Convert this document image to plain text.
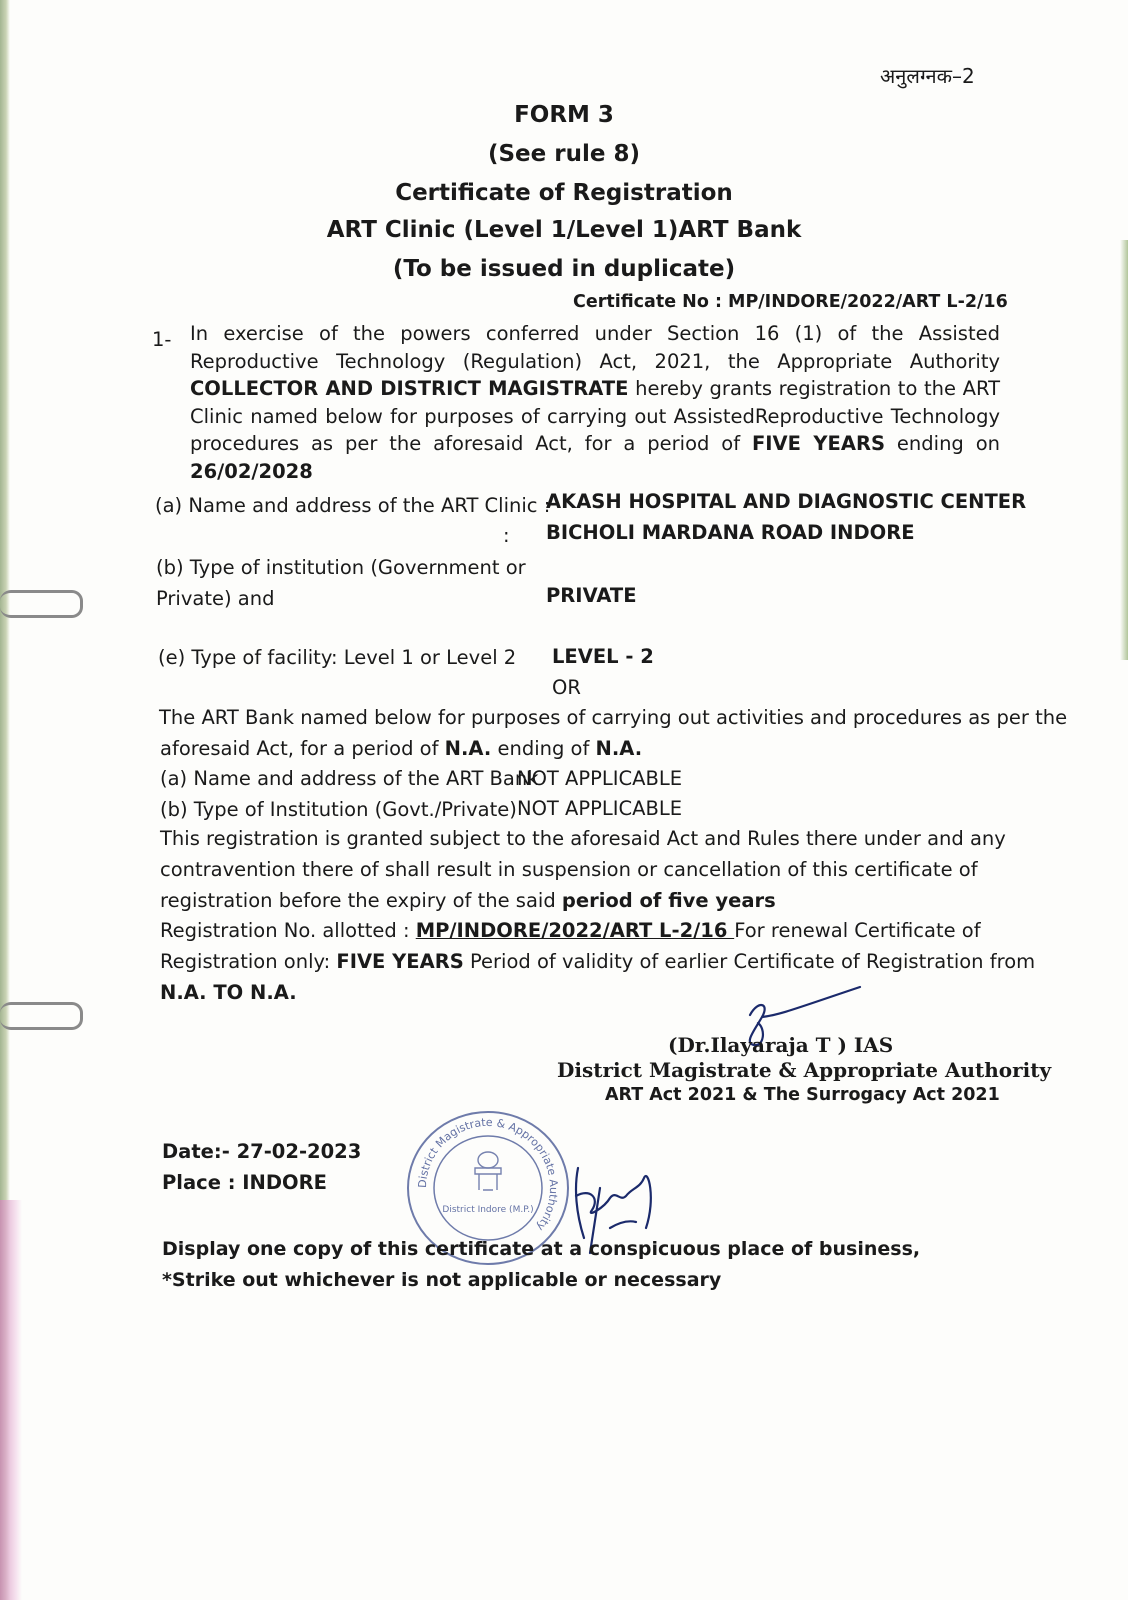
अनुलग्नक–2
FORM 3
(See rule 8)
Certificate of Registration
ART Clinic (Level 1/Level 1)ART Bank
(To be issued in duplicate)
Certificate No : MP/INDORE/2022/ART L-2/16
1- In exercise of the powers conferred under Section 16 (1) of the Assisted Reproductive Technology (Regulation) Act, 2021, the Appropriate Authority COLLECTOR AND DISTRICT MAGISTRATE hereby grants registration to the ART Clinic named below for purposes of carrying out AssistedReproductive Technology procedures as per the aforesaid Act, for a period of FIVE YEARS ending on 26/02/2028
(a) Name and address of the ART Clinic :
AKASH HOSPITAL AND DIAGNOSTIC CENTER
: BICHOLI MARDANA ROAD INDORE
(b) Type of institution (Government or
Private) and	PRIVATE
(e) Type of facility: Level 1 or Level 2 LEVEL - 2
OR
The ART Bank named below for purposes of carrying out activities and procedures as per the
aforesaid Act, for a period of N.A. ending of N.A.
(a) Name and address of the ART Bank
NOT APPLICABLE
(b) Type of Institution (Govt./Private) NOT APPLICABLE
This registration is granted subject to the aforesaid Act and Rules there under and any
contravention there of shall result in suspension or cancellation of this certificate of
registration before the expiry of the said period of five years
Registration No. allotted : MP/INDORE/2022/ART L-2/16 For renewal Certificate of
Registration only: FIVE YEARS Period of validity of earlier Certificate of Registration from
N.A. TO N.A.
(Dr.Ilayaraja T ) IAS
District Magistrate & Appropriate Authority
ART Act 2021 & The Surrogacy Act 2021
District Magistrate & Appropriate Authority
District Indore (M.P.)
Date:- 27-02-2023
Place : INDORE
Display one copy of this certificate at a conspicuous place of business,
*Strike out whichever is not applicable or necessary
